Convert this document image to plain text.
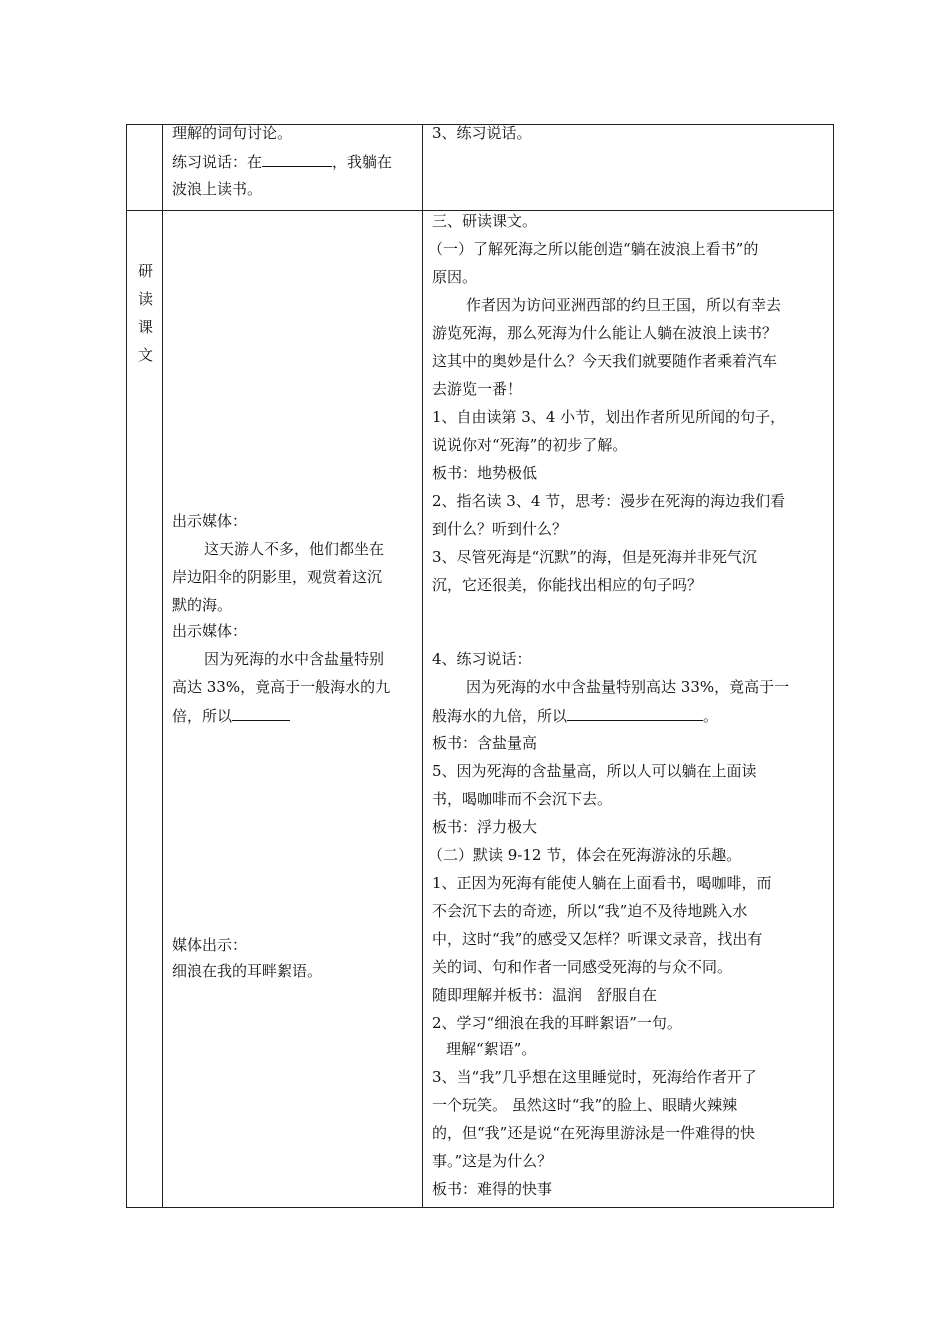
理解的词句讨论。
练习说话：在	，我躺在
波浪上读书。
3、练习说话。
研
读
课
文
出示媒体：
这天游人不多，他们都坐在
岸边阳伞的阴影里，观赏着这沉
默的海。
出示媒体：
因为死海的水中含盐量特别
高达 33%，竟高于一般海水的九
倍，所以
媒体出示：
细浪在我的耳畔絮语。
三、研读课文。
（一）了解死海之所以能创造“躺在波浪上看书”的
原因。
作者因为访问亚洲西部的约旦王国，所以有幸去
游览死海，那么死海为什么能让人躺在波浪上读书？
这其中的奥妙是什么？今天我们就要随作者乘着汽车
去游览一番！
1、自由读第 3、4 小节，划出作者所见所闻的句子，
说说你对“死海”的初步了解。
板书：地势极低
2、指名读 3、4 节，思考：漫步在死海的海边我们看
到什么？听到什么？
3、尽管死海是“沉默”的海，但是死海并非死气沉
沉，它还很美，你能找出相应的句子吗？
4、练习说话：
因为死海的水中含盐量特别高达 33%，竟高于一
般海水的九倍，所以	。
板书：含盐量高
5、因为死海的含盐量高，所以人可以躺在上面读
书，喝咖啡而不会沉下去。
板书：浮力极大
（二）默读 9-12 节，体会在死海游泳的乐趣。
1、正因为死海有能使人躺在上面看书，喝咖啡，而
不会沉下去的奇迹，所以“我”迫不及待地跳入水
中，这时“我”的感受又怎样？听课文录音，找出有
关的词、句和作者一同感受死海的与众不同。
随即理解并板书：温润　舒服自在
2、学习“细浪在我的耳畔絮语”一句。
理解“絮语”。
3、当“我”几乎想在这里睡觉时，死海给作者开了
一个玩笑。 虽然这时“我”的脸上、眼睛火辣辣
的，但“我”还是说“在死海里游泳是一件难得的快
事。”这是为什么？
板书：难得的快事
